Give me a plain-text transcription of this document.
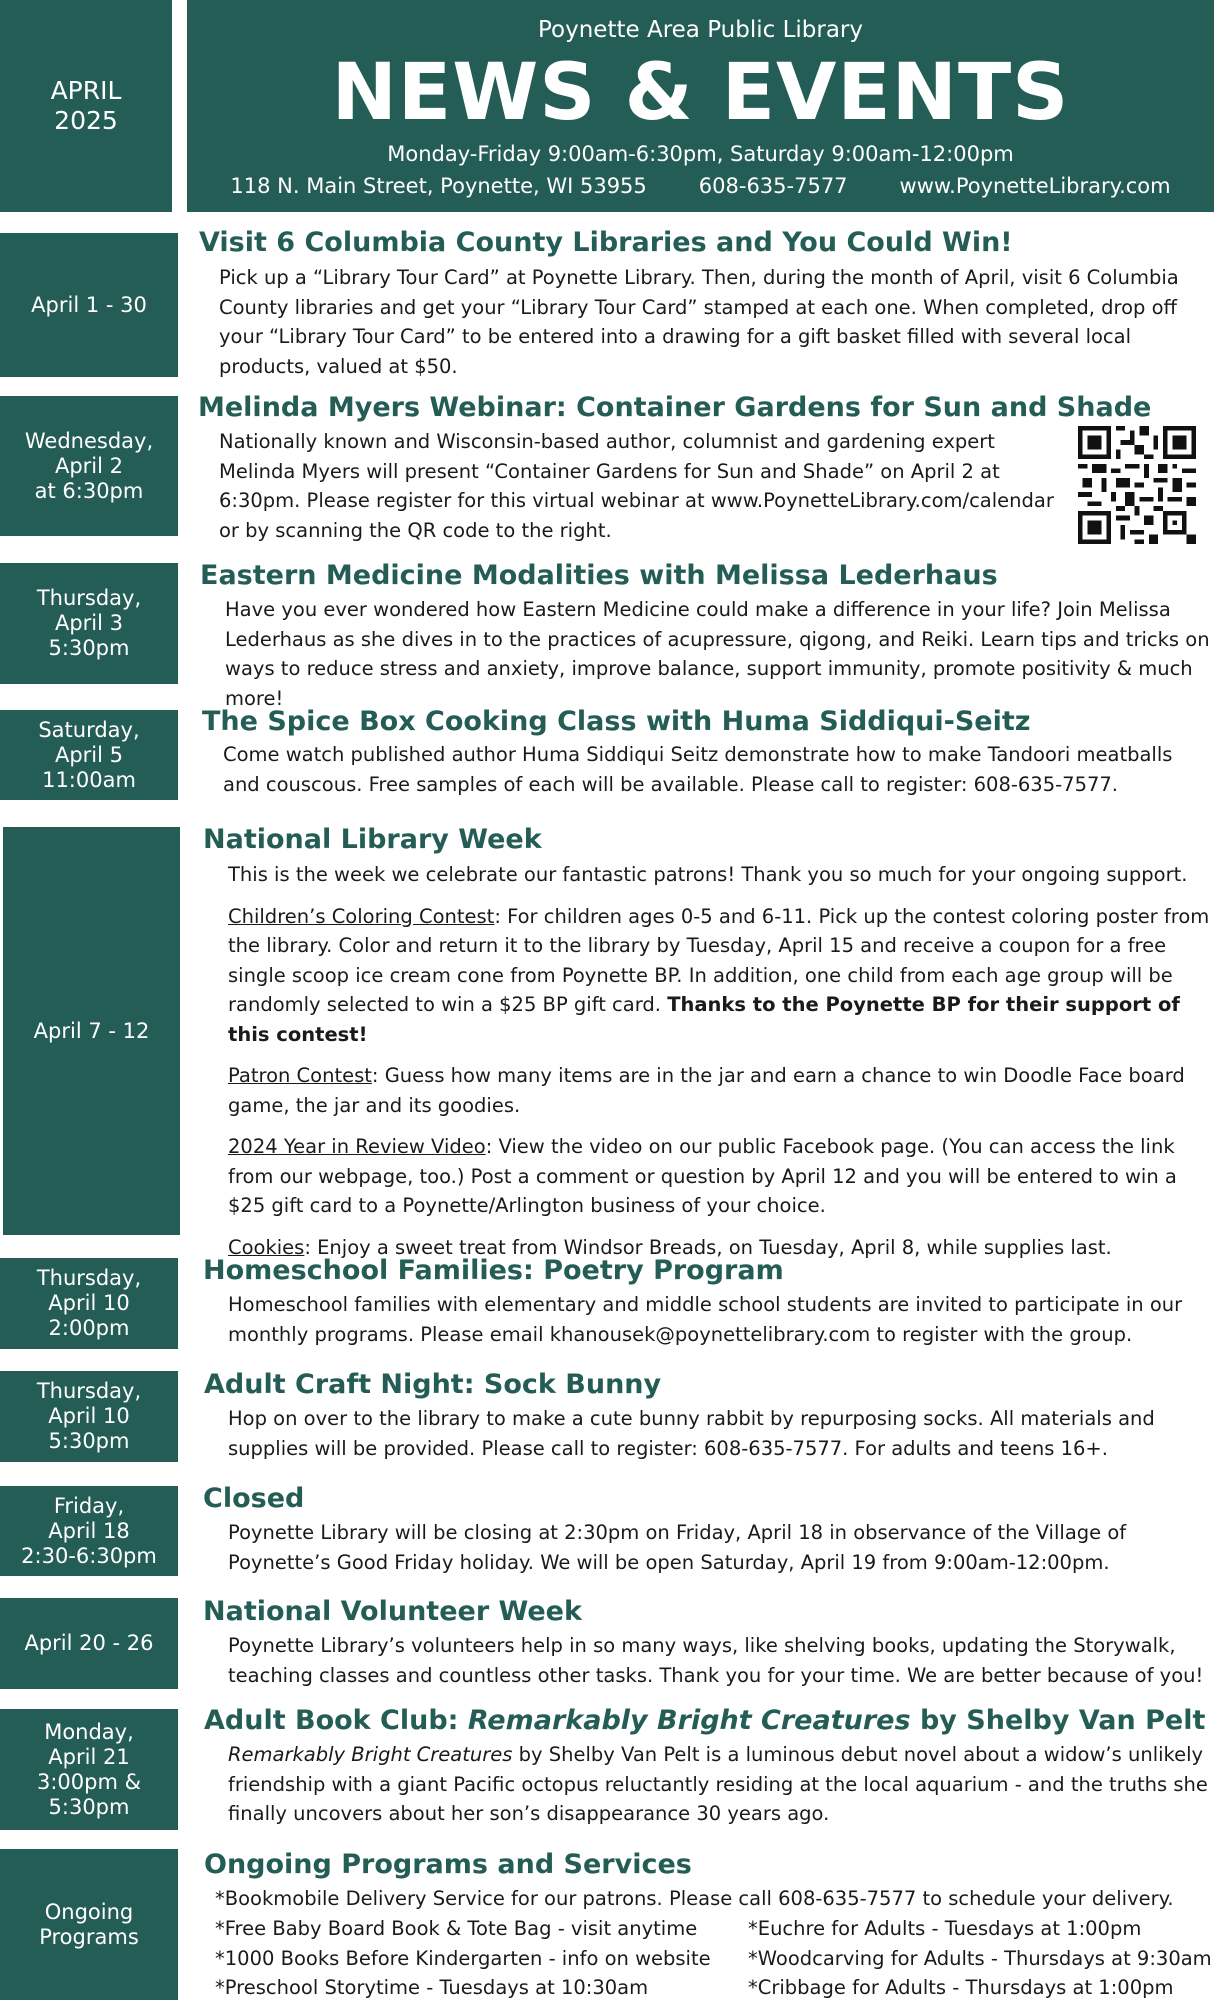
APRIL
2025
Poynette Area Public Library
NEWS & EVENTS
Monday-Friday 9:00am-6:30pm, Saturday 9:00am-12:00pm
118 N. Main Street, Poynette, WI 53955 608-635-7577 www.PoynetteLibrary.com
April 1 - 30
Visit 6 Columbia County Libraries and You Could Win!
Pick up a “Library Tour Card” at Poynette Library. Then, during the month of April, visit 6 Columbia County libraries and get your “Library Tour Card” stamped at each one. When completed, drop off your “Library Tour Card” to be entered into a drawing for a gift basket filled with several local products, valued at $50.
Wednesday,
April 2
at 6:30pm
Melinda Myers Webinar: Container Gardens for Sun and Shade
Nationally known and Wisconsin-based author, columnist and gardening expert Melinda Myers will present “Container Gardens for Sun and Shade” on April 2 at 6:30pm. Please register for this virtual webinar at www.PoynetteLibrary.com/calendar or by scanning the QR code to the right.
Thursday,
April 3
5:30pm
Eastern Medicine Modalities with Melissa Lederhaus
Have you ever wondered how Eastern Medicine could make a difference in your life? Join Melissa Lederhaus as she dives in to the practices of acupressure, qigong, and Reiki. Learn tips and tricks on ways to reduce stress and anxiety, improve balance, support immunity, promote positivity & much more!
Saturday,
April 5
11:00am
The Spice Box Cooking Class with Huma Siddiqui-Seitz
Come watch published author Huma Siddiqui Seitz demonstrate how to make Tandoori meatballs and couscous. Free samples of each will be available. Please call to register: 608-635-7577.
April 7 - 12
National Library Week

This is the week we celebrate our fantastic patrons! Thank you so much for your ongoing support.

Children’s Coloring Contest: For children ages 0-5 and 6-11. Pick up the contest coloring poster from the library. Color and return it to the library by Tuesday, April 15 and receive a coupon for a free single scoop ice cream cone from Poynette BP. In addition, one child from each age group will be randomly selected to win a $25 BP gift card. Thanks to the Poynette BP for their support of this contest!

Patron Contest: Guess how many items are in the jar and earn a chance to win Doodle Face board game, the jar and its goodies.

2024 Year in Review Video: View the video on our public Facebook page. (You can access the link from our webpage, too.) Post a comment or question by April 12 and you will be entered to win a $25 gift card to a Poynette/Arlington business of your choice.

Cookies: Enjoy a sweet treat from Windsor Breads, on Tuesday, April 8, while supplies last.

Thursday,
April 10
2:00pm
Homeschool Families: Poetry Program
Homeschool families with elementary and middle school students are invited to participate in our monthly programs. Please email khanousek@poynettelibrary.com to register with the group.
Thursday,
April 10
5:30pm
Adult Craft Night: Sock Bunny
Hop on over to the library to make a cute bunny rabbit by repurposing socks. All materials and supplies will be provided. Please call to register: 608-635-7577. For adults and teens 16+.
Friday,
April 18
2:30-6:30pm
Closed
Poynette Library will be closing at 2:30pm on Friday, April 18 in observance of the Village of Poynette’s Good Friday holiday. We will be open Saturday, April 19 from 9:00am-12:00pm.
April 20 - 26
National Volunteer Week
Poynette Library’s volunteers help in so many ways, like shelving books, updating the Storywalk, teaching classes and countless other tasks. Thank you for your time. We are better because of you!
Monday,
April 21
3:00pm &
5:30pm
Adult Book Club: Remarkably Bright Creatures by Shelby Van Pelt
Remarkably Bright Creatures by Shelby Van Pelt is a luminous debut novel about a widow’s unlikely friendship with a giant Pacific octopus reluctantly residing at the local aquarium - and the truths she finally uncovers about her son’s disappearance 30 years ago.
Ongoing
Programs
Ongoing Programs and Services
*Bookmobile Delivery Service for our patrons. Please call 608-635-7577 to schedule your delivery.
*Free Baby Board Book & Tote Bag - visit anytime
*1000 Books Before Kindergarten - info on website
*Preschool Storytime - Tuesdays at 10:30am
*Euchre for Adults - Tuesdays at 1:00pm
*Woodcarving for Adults - Thursdays at 9:30am
*Cribbage for Adults - Thursdays at 1:00pm
